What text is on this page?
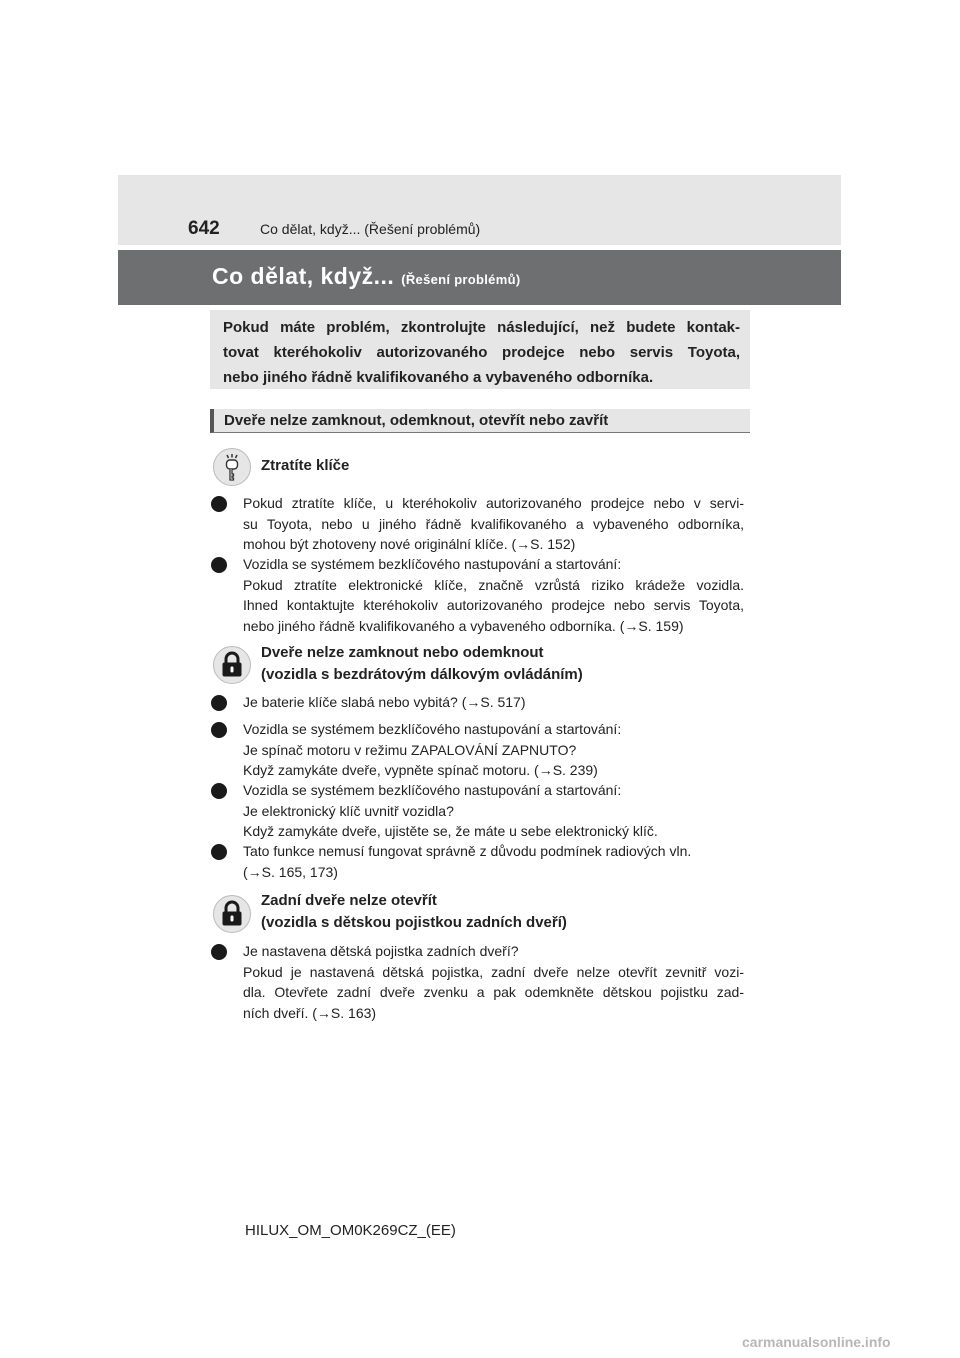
642	Co dělat, když... (Řešení problémů)
Co dělat, když... (Řešení problémů)
Pokud máte problém, zkontrolujte následující, než budete kontak-
tovat kteréhokoliv autorizovaného prodejce nebo servis Toyota,
nebo jiného řádně kvalifikovaného a vybaveného odborníka.
Dveře nelze zamknout, odemknout, otevřít nebo zavřít
Ztratíte klíče
Pokud ztratíte klíče, u kteréhokoliv autorizovaného prodejce nebo v servi-
su Toyota, nebo u jiného řádně kvalifikovaného a vybaveného odborníka,
mohou být zhotoveny nové originální klíče. (→S. 152)
Vozidla se systémem bezklíčového nastupování a startování:
Pokud ztratíte elektronické klíče, značně vzrůstá riziko krádeže vozidla.
Ihned kontaktujte kteréhokoliv autorizovaného prodejce nebo servis Toyota,
nebo jiného řádně kvalifikovaného a vybaveného odborníka. (→S. 159)
Dveře nelze zamknout nebo odemknout
(vozidla s bezdrátovým dálkovým ovládáním)
Je baterie klíče slabá nebo vybitá? (→S. 517)
Vozidla se systémem bezklíčového nastupování a startování:
Je spínač motoru v režimu ZAPALOVÁNÍ ZAPNUTO?
Když zamykáte dveře, vypněte spínač motoru. (→S. 239)
Vozidla se systémem bezklíčového nastupování a startování:
Je elektronický klíč uvnitř vozidla?
Když zamykáte dveře, ujistěte se, že máte u sebe elektronický klíč.
Tato funkce nemusí fungovat správně z důvodu podmínek radiových vln.
(→S. 165, 173)
Zadní dveře nelze otevřít
(vozidla s dětskou pojistkou zadních dveří)
Je nastavena dětská pojistka zadních dveří?
Pokud je nastavená dětská pojistka, zadní dveře nelze otevřít zevnitř vozi-
dla. Otevřete zadní dveře zvenku a pak odemkněte dětskou pojistku zad-
ních dveří. (→S. 163)
HILUX_OM_OM0K269CZ_(EE)
carmanualsonline.info
